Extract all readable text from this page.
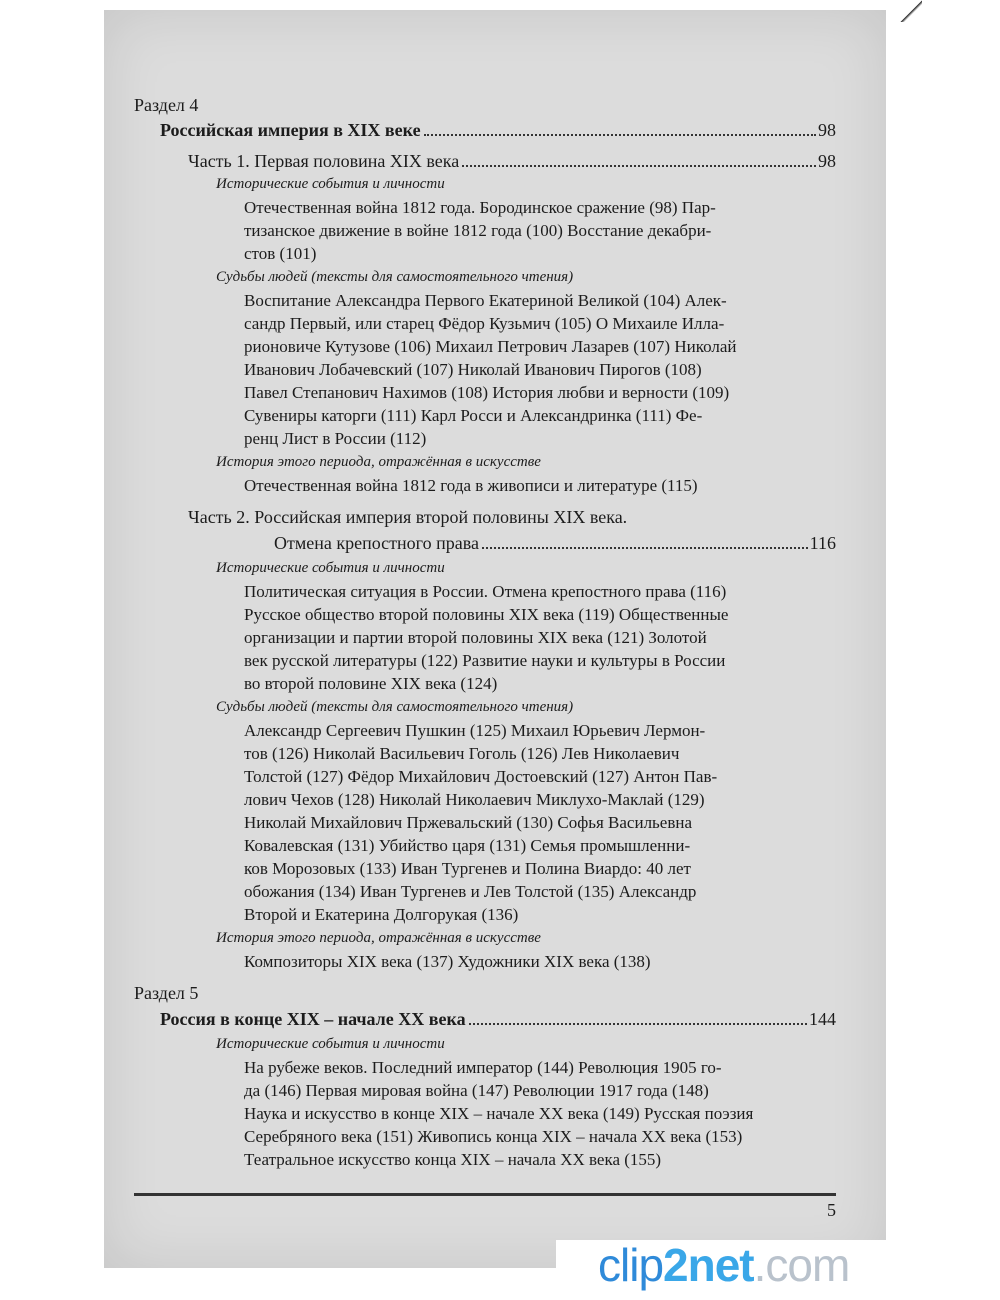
Раздел 4
Российская империя в XIX веке	98
Часть 1. Первая половина XIX века	98
Исторические события и личности
Отечественная война 1812 года. Бородинское сражение (98) Пар-
тизанское движение в войне 1812 года (100) Восстание декабри-
стов (101)
Судьбы людей (тексты для самостоятельного чтения)
Воспитание Александра Первого Екатериной Великой (104) Алек-
сандр Первый, или старец Фёдор Кузьмич (105) О Михаиле Илла-
рионовиче Кутузове (106) Михаил Петрович Лазарев (107) Николай
Иванович Лобачевский (107) Николай Иванович Пирогов (108)
Павел Степанович Нахимов (108) История любви и верности (109)
Сувениры каторги (111) Карл Росси и Александринка (111) Фе-
ренц Лист в России (112)
История этого периода, отражённая в искусстве
Отечественная война 1812 года в живописи и литературе (115)
Часть 2. Российская империя второй половины XIX века.
Отмена крепостного права	116
Исторические события и личности
Политическая ситуация в России. Отмена крепостного права (116)
Русское общество второй половины XIX века (119) Общественные
организации и партии второй половины XIX века (121) Золотой
век русской литературы (122) Развитие науки и культуры в России
во второй половине XIX века (124)
Судьбы людей (тексты для самостоятельного чтения)
Александр Сергеевич Пушкин (125) Михаил Юрьевич Лермон-
тов (126) Николай Васильевич Гоголь (126) Лев Николаевич
Толстой (127) Фёдор Михайлович Достоевский (127) Антон Пав-
лович Чехов (128) Николай Николаевич Миклухо-Маклай (129)
Николай Михайлович Пржевальский (130) Софья Васильевна
Ковалевская (131) Убийство царя (131) Семья промышленни-
ков Морозовых (133) Иван Тургенев и Полина Виардо: 40 лет
обожания (134) Иван Тургенев и Лев Толстой (135) Александр
Второй и Екатерина Долгорукая (136)
История этого периода, отражённая в искусстве
Композиторы XIX века (137) Художники XIX века (138)
Раздел 5
Россия в конце XIX – начале XX века	144
Исторические события и личности
На рубеже веков. Последний император (144) Революция 1905 го-
да (146) Первая мировая война (147) Революции 1917 года (148)
Наука и искусство в конце XIX – начале XX века (149) Русская поэзия
Серебряного века (151) Живопись конца XIX – начала XX века (153)
Театральное искусство конца XIX – начала XX века (155)
5
clip2net.com
